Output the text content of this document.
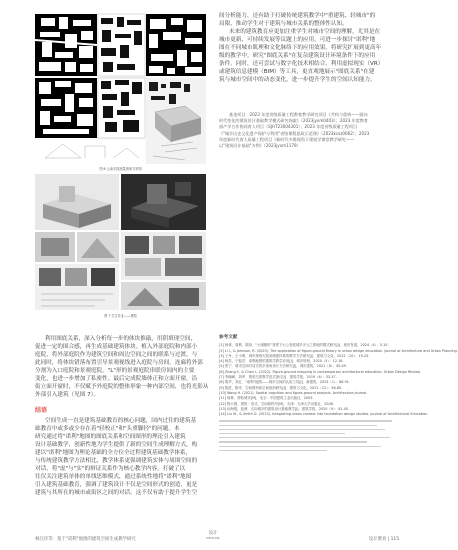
图 6 云南多国测量图案式草图
图 7 学生作业——模型
间分析能力，还有助于打破传统建筑教学中"重建筑、轻城市"的
局限，推动学生对于建筑与城市关系的整体性认知。
未来的建筑教育应更加注重学生对城市空间的理解，尤其是在
城市更新、可持续发展等议题上的应用。可进一步探讨"诺利"地
图在不同城市肌理和文化脉络下的应用效果，将研究扩展到更高年
级的教学中。研究"图底关系"在复杂建筑设计环境条件下的应用
条件。同时，还可尝试与数字化技术相结合，利用虚拟现实（VR）
或建筑信息建模（BIM）等工具，更直观地展示"图底关系"在建
筑与城市空间中的动态变化，进一步提升学生的空间认知能力。
基金项目：2023 年度省级质量工程教育教学研究项目《共构与重构——面向
时代变化的建筑设计基础教学模式研究探索》（2023jyxm0403）；2023 年度教育
部产学合作协同育人项目（SJHT23004301）；2023 年度省级质量工程项目
《"城乡历史文化遗产保护与利用"省级课程思政示范课》（2023kcsz0062）；2023
年度新时代育人质量工程项目《新时代多维视角下建筑学课堂教学研究——
以"建筑设计基础"为例》（2023jyxm1179）
利用图底关系，深入分析每一步的体块推敲，用阴填现空间，
促进一定的围合感，再生成基础建筑体块。植入外部庭院和内部小
庭院，将外部庭院作为建筑空间和周边空间之间的联系与过渡，与
此同时，将体块错落布置引导景观视线进入庭院与房间。连廊将外部
分割为入口庭院和景观庭院，"L"形的景观庭院串联房间内的主要
变化，也进一步增加了私密性。最后完成院墙体正和立面开窗，沿
街立面开窗时，不仅赋予外庭院的整体形象一种内部空间，也将光影从
外部引入建筑（见图 7）。
结语
空间生成一直是建筑基础教育的核心问题，国内过往的建筑基
础教育中或多或少存在着"轻校正"和"头重脚轻"的问题。本
研究通过将"诺利"地图的图底关系和空间图形的理论引入建筑
设计基础教学，创新性地为学生提供了新的空间生成理解方式，构
建以"诺利"地图为理论基础的全方位全过程建筑基础教学体系，
与传统建筑教学方法相比，教学体系更强调建筑实体与周围空间的
对话，将"虚"与"实"的辩证关系作为核心教学内容。打破了以
往仅关注建筑单体的单线思维模式，通过系统性地将"诺利"地图
引入建筑基础教育，强调了建筑设计不仅是空间形式的创造，更是
建筑与其所在的城市或街区之间的对话。这不仅有助于提升学生空
参考文献
[1] 杨林，周利，陈扬．"大城镇时"背景下大公发展城乡多元之系统的模式研究[J]．城市发展，2024（4）：5-10.
[2] Li J., & Johnson, R. (2020). The application of figure-ground theory in urban design education. Journal of Architecture and Urban Planning.
[3] 王丹，王小明．城市规划大院到城建体系的教学方法研究[J]．建筑与文化，2022（10）：19-23.
[4] 杨奕，于振洋．诺利地图的建筑学教学应用[J]．城市规划，2020（5）：12-16.
[5] 张宁．城市空间对话式的多视角设计方法研究[J]．城市建筑，2021（8）：45-49.
[6] Zhang Y., & Chen L. (2022). Figure-ground mapping in contemporary architectural education. Urban Design Review.
[7] 李晓峰，刘军．图底关系教学范式探讨[J]．建筑学报，2019（6）：33-37.
[8] 胡华，刘红．"诺利"地图——城市空间的认知工具[J]．新建筑，2023（1）：88-91.
[9] 陈进，陈舟．空间图形和空间组织研究[J]．建筑与文化，2021（12）：56-60.
[10] Wang H. (2021). Spatial cognition and figure-ground analysis. Architecture Journal.
[11] 柯林．拼贴城市[M]．北京：中国建筑工业出版社，2003.
[12] 程大锦．建筑：形式、空间和秩序[M]．天津：天津大学出版社，2008.
[13] 孙海骏，蓝博．走向城市的建筑设计基础教学[J]．建筑学报，2020（9）：41-45.
[14] Liu M., & Smith D. (2023). Integrating urban context into foundation design studios. Journal of Architectural Education.
林汪洋等：基于"诺利"地图的建筑空间生成教学研究
设计
DESIGN	设计教育 | 115
